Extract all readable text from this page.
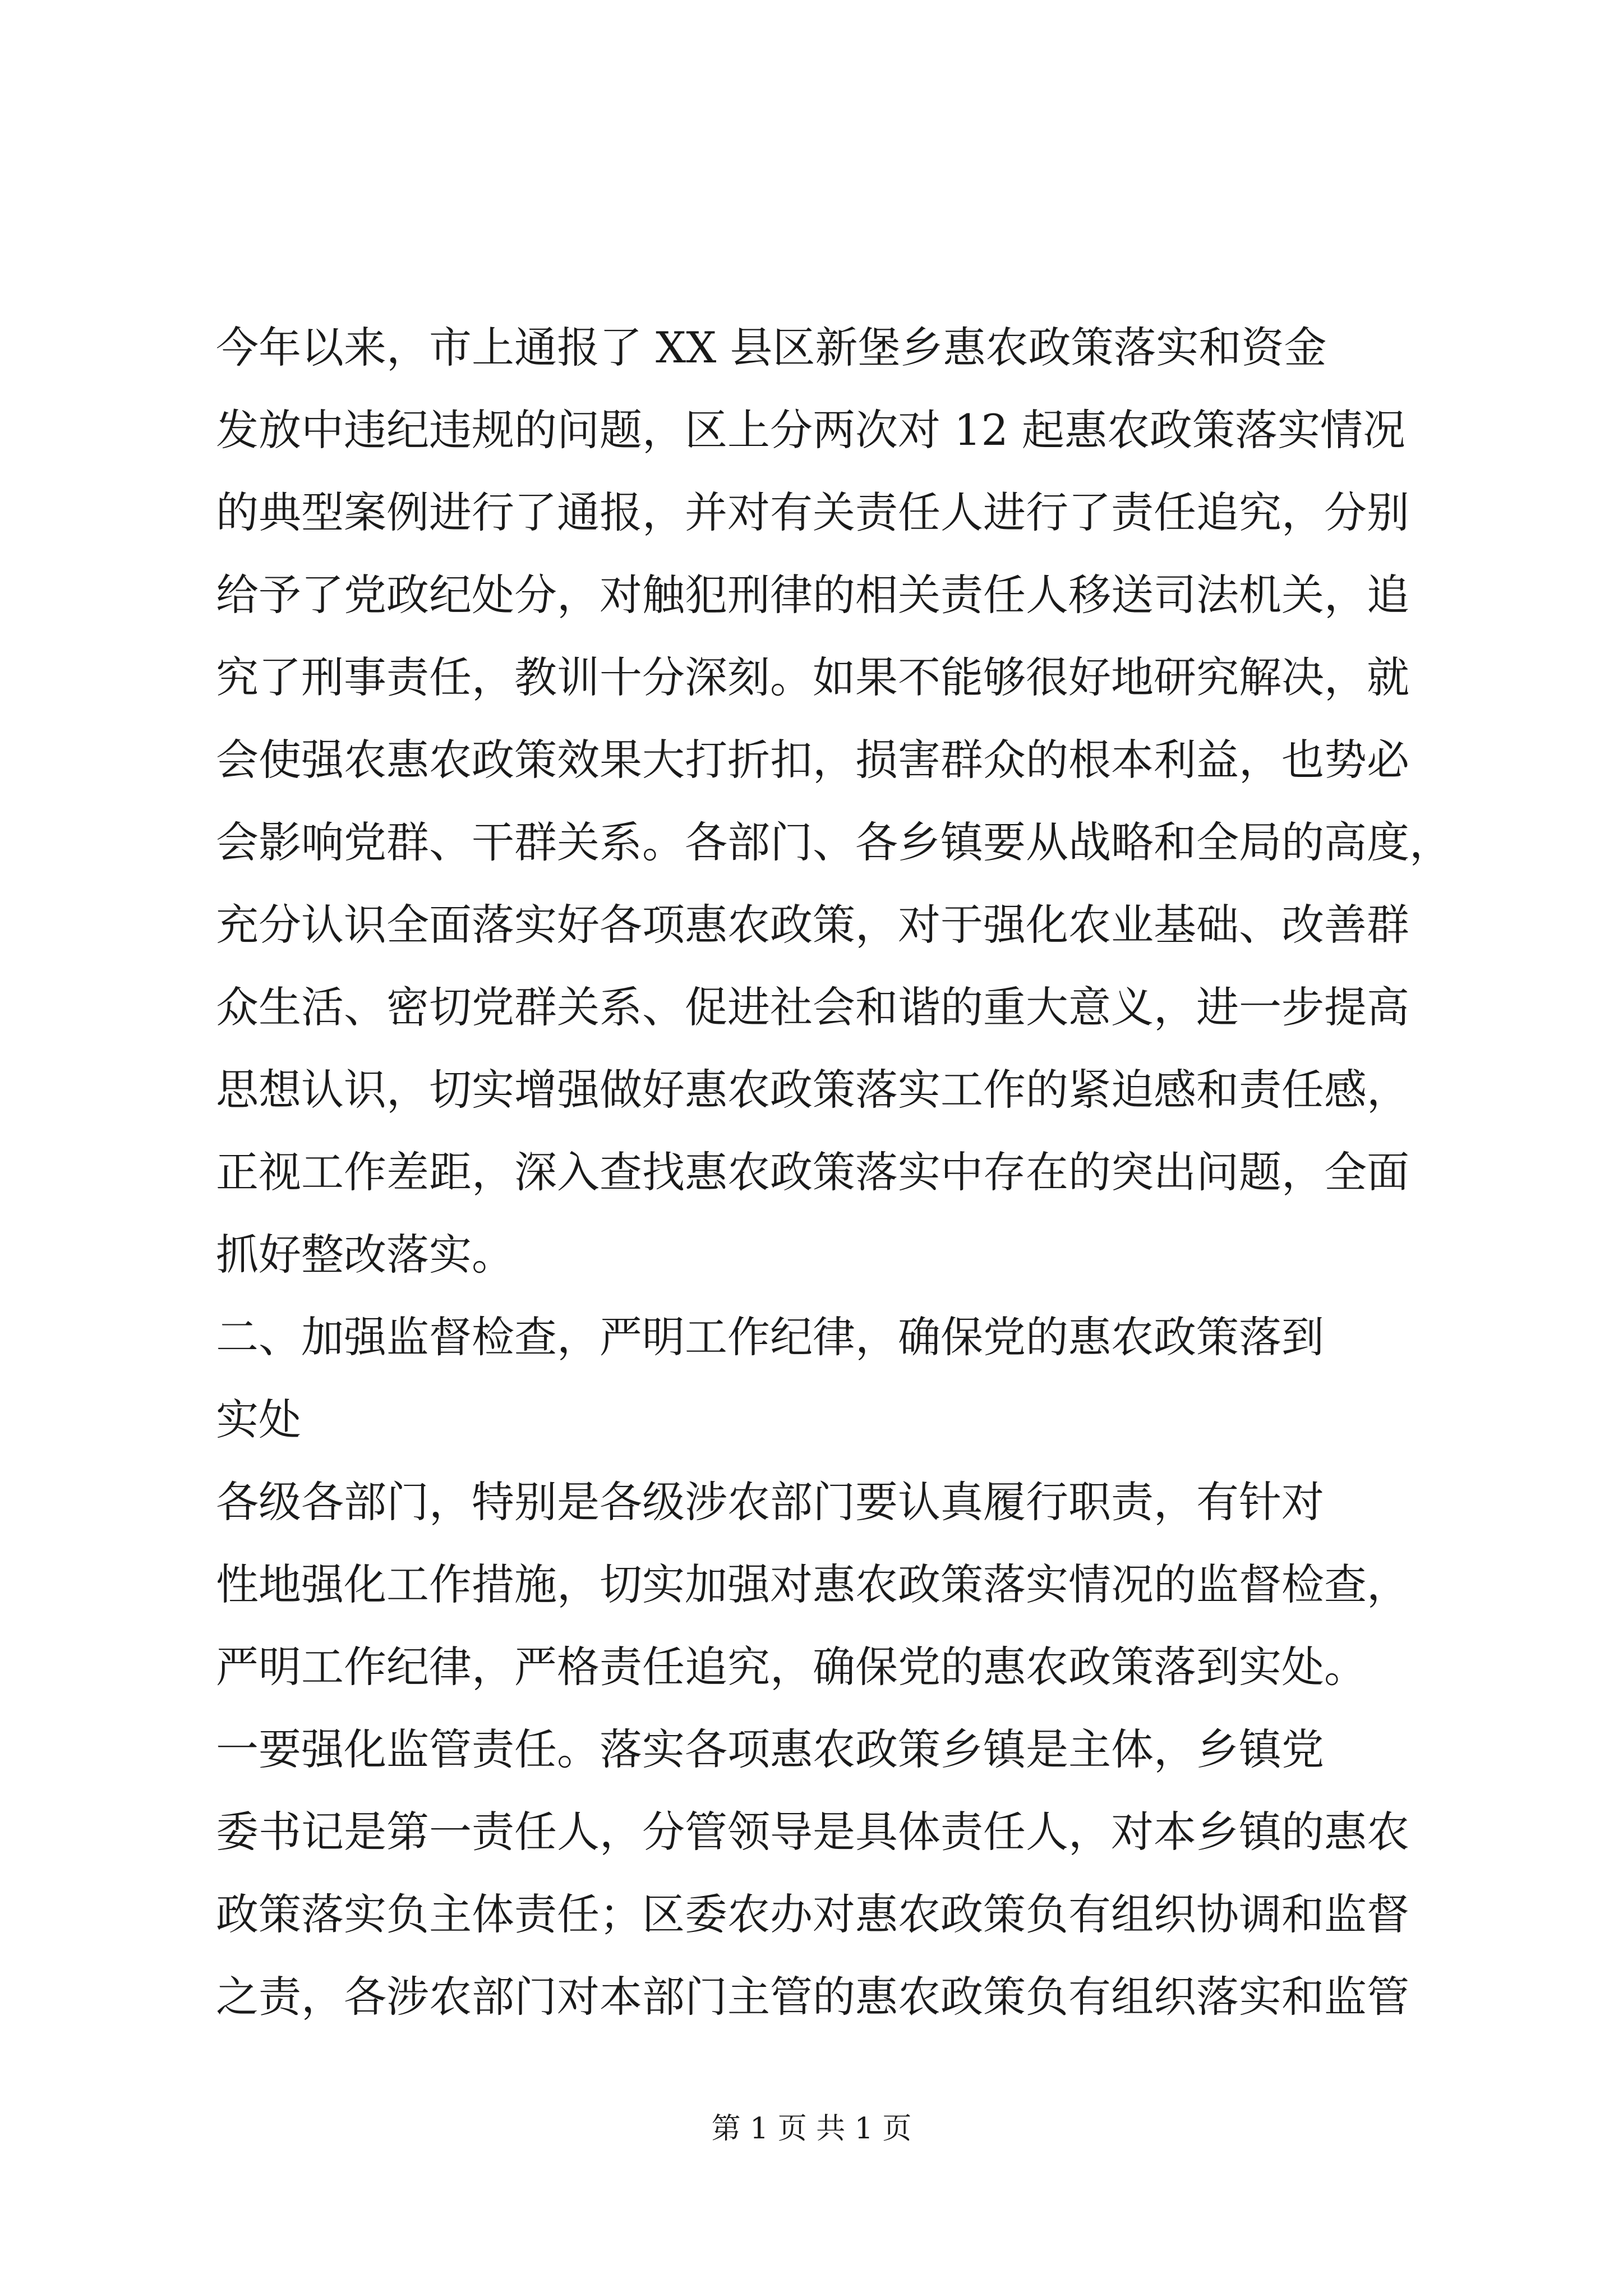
今年以来，市上通报了 XX 县区新堡乡惠农政策落实和资金
发放中违纪违规的问题，区上分两次对 12 起惠农政策落实情况
的典型案例进行了通报，并对有关责任人进行了责任追究，分别
给予了党政纪处分，对触犯刑律的相关责任人移送司法机关，追
究了刑事责任，教训十分深刻。如果不能够很好地研究解决，就
会使强农惠农政策效果大打折扣，损害群众的根本利益，也势必
会影响党群、干群关系。各部门、各乡镇要从战略和全局的高度，
充分认识全面落实好各项惠农政策，对于强化农业基础、改善群
众生活、密切党群关系、促进社会和谐的重大意义，进一步提高
思想认识，切实增强做好惠农政策落实工作的紧迫感和责任感，
正视工作差距，深入查找惠农政策落实中存在的突出问题，全面
抓好整改落实。
二、加强监督检查，严明工作纪律，确保党的惠农政策落到
实处
各级各部门，特别是各级涉农部门要认真履行职责，有针对
性地强化工作措施，切实加强对惠农政策落实情况的监督检查，
严明工作纪律，严格责任追究，确保党的惠农政策落到实处。
一要强化监管责任。落实各项惠农政策乡镇是主体，乡镇党
委书记是第一责任人，分管领导是具体责任人，对本乡镇的惠农
政策落实负主体责任；区委农办对惠农政策负有组织协调和监督
之责，各涉农部门对本部门主管的惠农政策负有组织落实和监管
第 1 页 共 1 页
